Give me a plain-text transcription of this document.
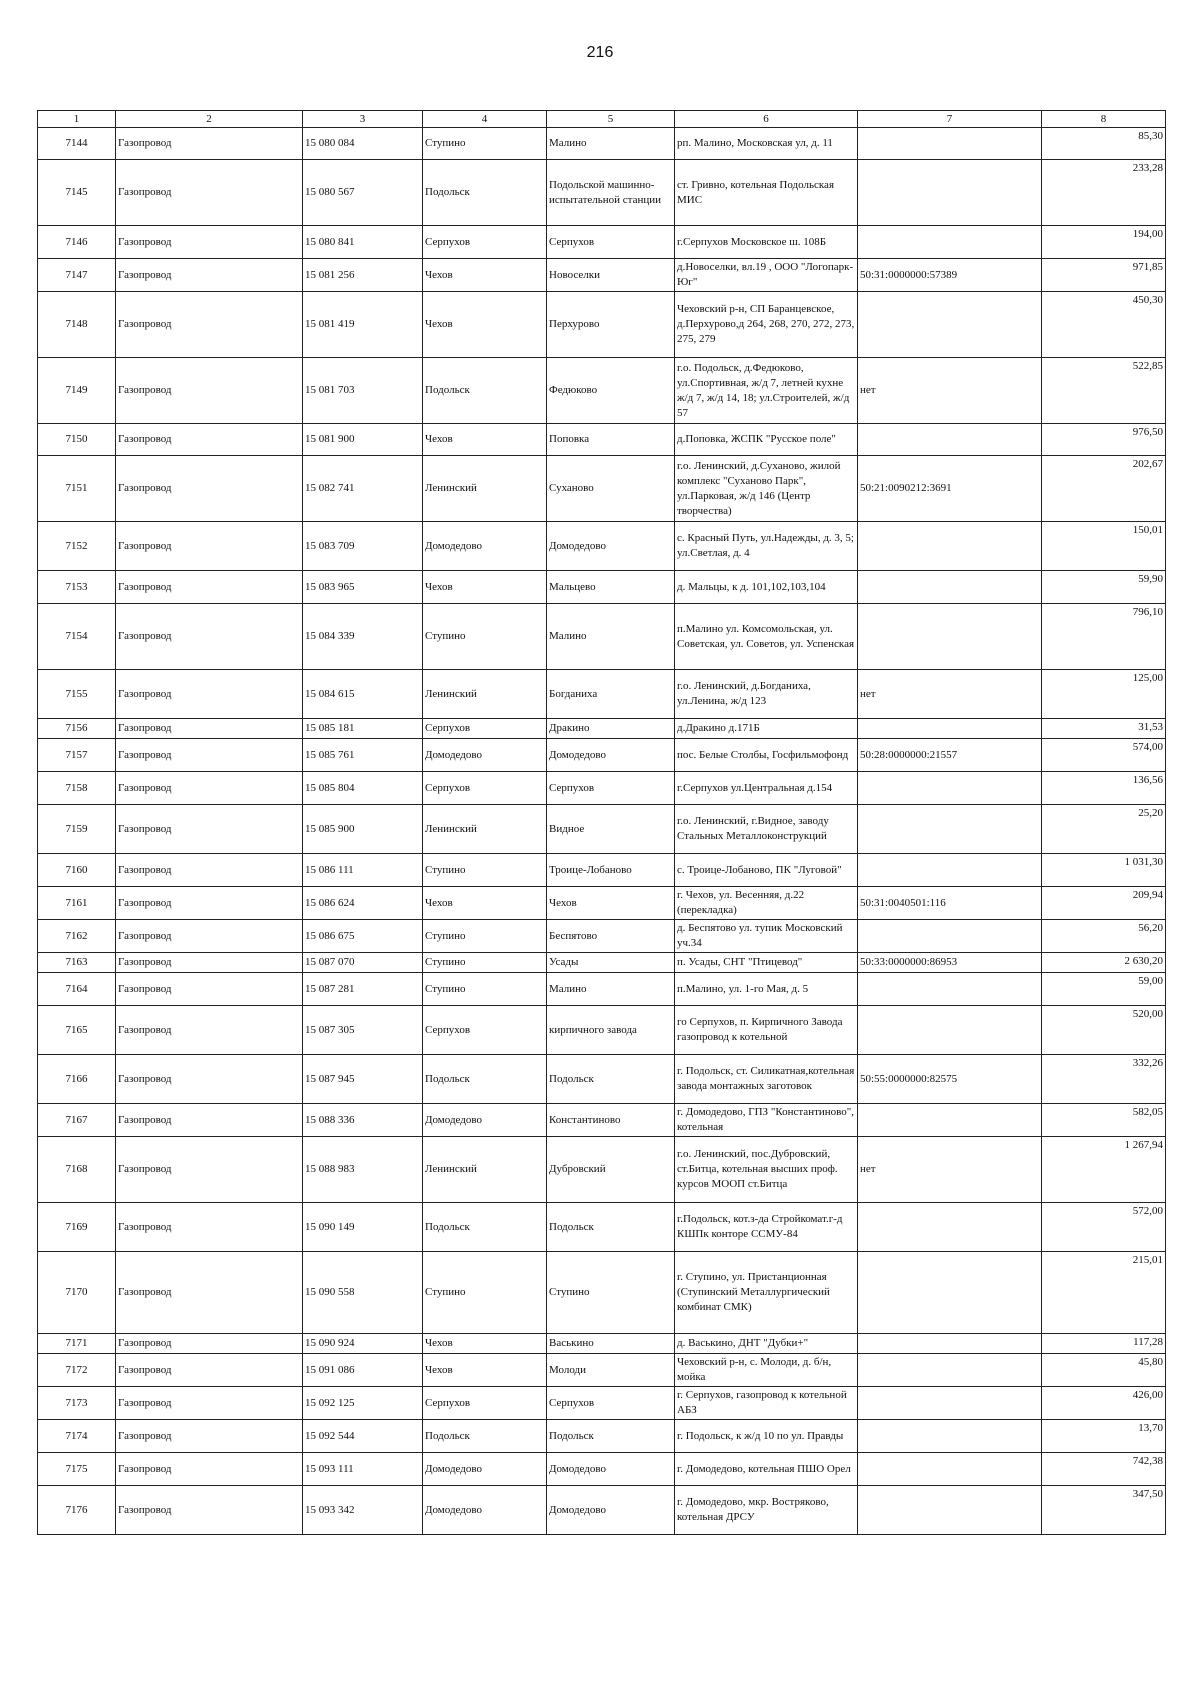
216
1	2	3	4	5	6	7	8
7144	Газопровод	15 080 084	Ступино	Малино	рп. Малино, Московская ул, д. 11		85,30
7145	Газопровод	15 080 567	Подольск	Подольской машинно-испытательной станции	ст. Гривно, котельная Подольская МИС		233,28
7146	Газопровод	15 080 841	Серпухов	Серпухов	г.Серпухов Московское ш. 108Б		194,00
7147	Газопровод	15 081 256	Чехов	Новоселки	д.Новоселки, вл.19 , ООО "Логопарк-Юг"	50:31:0000000:57389	971,85
7148	Газопровод	15 081 419	Чехов	Перхурово	Чеховский р-н, СП Баранцевское, д.Перхурово,д 264, 268, 270, 272, 273, 275, 279		450,30
7149	Газопровод	15 081 703	Подольск	Федюково	г.о. Подольск, д.Федюково, ул.Спортивная, ж/д 7, летней кухне ж/д 7, ж/д 14, 18; ул.Строителей, ж/д 57	нет	522,85
7150	Газопровод	15 081 900	Чехов	Поповка	д.Поповка, ЖСПК "Русское поле"		976,50
7151	Газопровод	15 082 741	Ленинский	Суханово	г.о. Ленинский, д.Суханово, жилой комплекс "Суханово Парк", ул.Парковая, ж/д 146 (Центр творчества)	50:21:0090212:3691	202,67
7152	Газопровод	15 083 709	Домодедово	Домодедово	с. Красный Путь, ул.Надежды, д. 3, 5; ул.Светлая, д. 4		150,01
7153	Газопровод	15 083 965	Чехов	Мальцево	д. Мальцы, к д. 101,102,103,104		59,90
7154	Газопровод	15 084 339	Ступино	Малино	п.Малино ул. Комсомольская, ул. Советская, ул. Советов, ул. Успенская		796,10
7155	Газопровод	15 084 615	Ленинский	Богданиха	г.о. Ленинский, д.Богданиха, ул.Ленина, ж/д 123	нет	125,00
7156	Газопровод	15 085 181	Серпухов	Дракино	д.Дракино д.171Б		31,53
7157	Газопровод	15 085 761	Домодедово	Домодедово	пос. Белые Столбы, Госфильмофонд	50:28:0000000:21557	574,00
7158	Газопровод	15 085 804	Серпухов	Серпухов	г.Серпухов ул.Центральная д.154		136,56
7159	Газопровод	15 085 900	Ленинский	Видное	г.о. Ленинский, г.Видное, заводу Стальных Металлоконструкций		25,20
7160	Газопровод	15 086 111	Ступино	Троице-Лобаново	с. Троице-Лобаново, ПК "Луговой"		1 031,30
7161	Газопровод	15 086 624	Чехов	Чехов	г. Чехов, ул. Весенняя, д.22 (перекладка)	50:31:0040501:116	209,94
7162	Газопровод	15 086 675	Ступино	Беспятово	д. Беспятово ул. тупик Московский уч.34		56,20
7163	Газопровод	15 087 070	Ступино	Усады	п. Усады, СНТ "Птицевод"	50:33:0000000:86953	2 630,20
7164	Газопровод	15 087 281	Ступино	Малино	п.Малино, ул. 1-го Мая, д. 5		59,00
7165	Газопровод	15 087 305	Серпухов	кирпичного завода	го Серпухов, п. Кирпичного Завода газопровод к котельной		520,00
7166	Газопровод	15 087 945	Подольск	Подольск	г. Подольск, ст. Силикатная,котельная завода монтажных заготовок	50:55:0000000:82575	332,26
7167	Газопровод	15 088 336	Домодедово	Константиново	г. Домодедово, ГПЗ "Константиново", котельная		582,05
7168	Газопровод	15 088 983	Ленинский	Дубровский	г.о. Ленинский, пос.Дубровский, ст.Битца, котельная высших проф. курсов МООП ст.Битца	нет	1 267,94
7169	Газопровод	15 090 149	Подольск	Подольск	г.Подольск, кот.з-да Стройкомат.г-д КШПк конторе ССМУ-84		572,00
7170	Газопровод	15 090 558	Ступино	Ступино	г. Ступино, ул. Пристанционная (Ступинский Металлургический комбинат СМК)		215,01
7171	Газопровод	15 090 924	Чехов	Васькино	д. Васькино, ДНТ "Дубки+"		117,28
7172	Газопровод	15 091 086	Чехов	Молоди	Чеховский р-н, с. Молоди, д. б/н, мойка		45,80
7173	Газопровод	15 092 125	Серпухов	Серпухов	г. Серпухов, газопровод к котельной АБЗ		426,00
7174	Газопровод	15 092 544	Подольск	Подольск	г. Подольск, к ж/д 10 по ул. Правды		13,70
7175	Газопровод	15 093 111	Домодедово	Домодедово	г. Домодедово, котельная ПШО Орел		742,38
7176	Газопровод	15 093 342	Домодедово	Домодедово	г. Домодедово, мкр. Востряково, котельная ДРСУ		347,50
